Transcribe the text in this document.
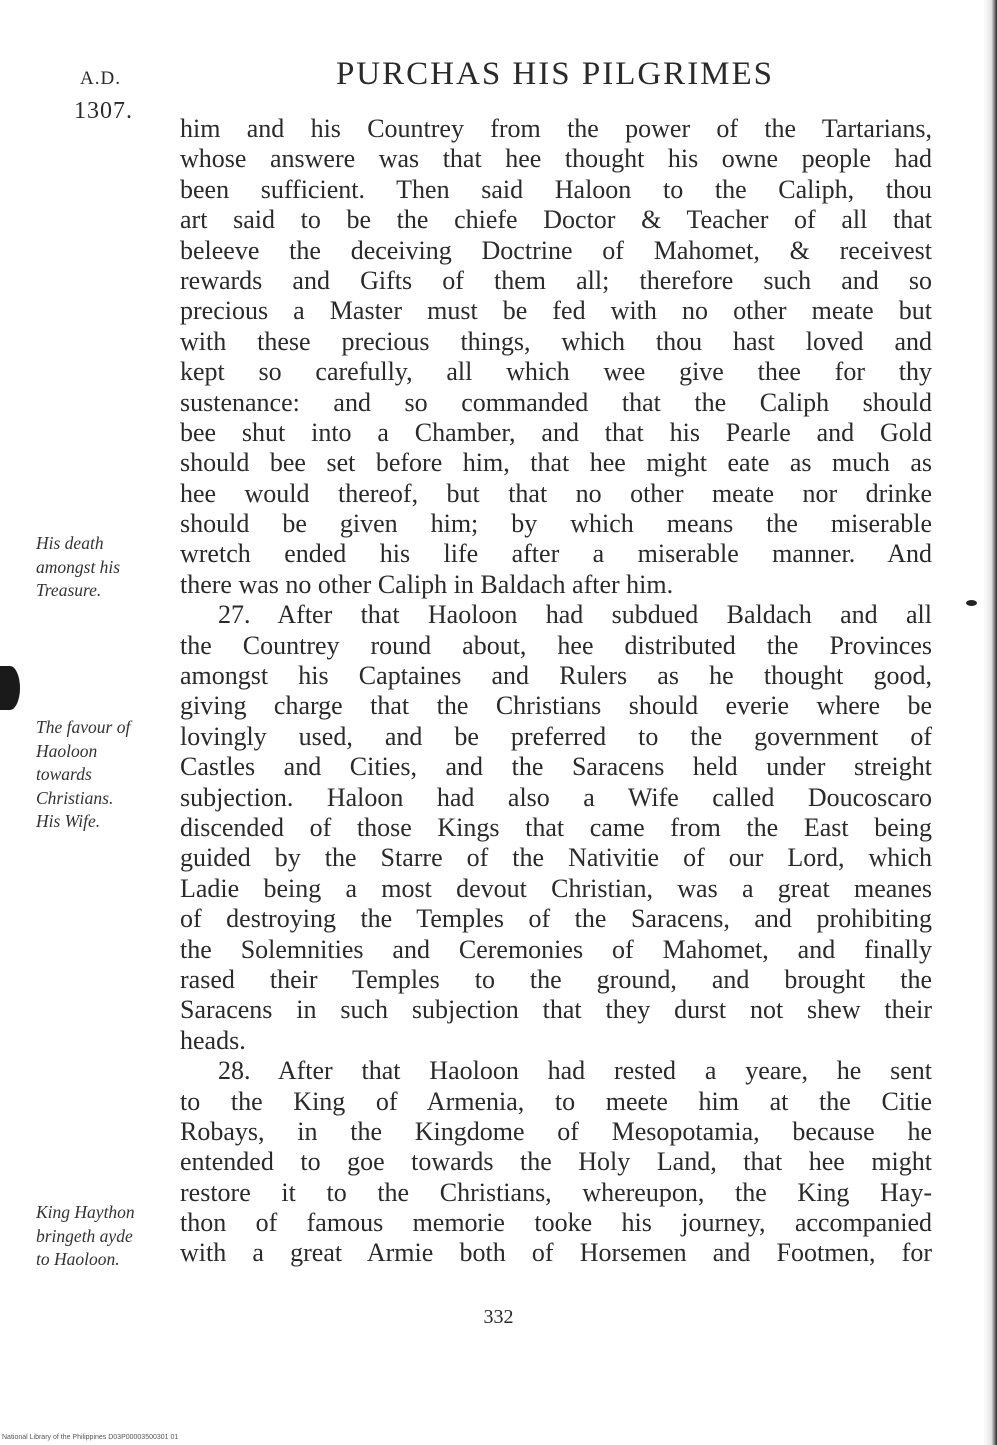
A.D.
1307.
PURCHAS HIS PILGRIMES
him and his Countrey from the power of the Tartarians,
whose answere was that hee thought his owne people had
been sufficient. Then said Haloon to the Caliph, thou
art said to be the chiefe Doctor & Teacher of all that
beleeve the deceiving Doctrine of Mahomet, & receivest
rewards and Gifts of them all; therefore such and so
precious a Master must be fed with no other meate but
with these precious things, which thou hast loved and
kept so carefully, all which wee give thee for thy
sustenance: and so commanded that the Caliph should
bee shut into a Chamber, and that his Pearle and Gold
should bee set before him, that hee might eate as much as
hee would thereof, but that no other meate nor drinke
should be given him; by which means the miserable
wretch ended his life after a miserable manner. And
there was no other Caliph in Baldach after him.
27. After that Haoloon had subdued Baldach and all
the Countrey round about, hee distributed the Provinces
amongst his Captaines and Rulers as he thought good,
giving charge that the Christians should everie where be
lovingly used, and be preferred to the government of
Castles and Cities, and the Saracens held under streight
subjection. Haloon had also a Wife called Doucoscaro
discended of those Kings that came from the East being
guided by the Starre of the Nativitie of our Lord, which
Ladie being a most devout Christian, was a great meanes
of destroying the Temples of the Saracens, and prohibiting
the Solemnities and Ceremonies of Mahomet, and finally
rased their Temples to the ground, and brought the
Saracens in such subjection that they durst not shew their
heads.
28. After that Haoloon had rested a yeare, he sent
to the King of Armenia, to meete him at the Citie
Robays, in the Kingdome of Mesopotamia, because he
entended to goe towards the Holy Land, that hee might
restore it to the Christians, whereupon, the King Hay-
thon of famous memorie tooke his journey, accompanied
with a great Armie both of Horsemen and Footmen, for
His death
amongst his
Treasure.
The favour of
Haoloon
towards
Christians.
His Wife.
King Haython
bringeth ayde
to Haoloon.
332
National Library of the Philippines D03P00003500301 01
